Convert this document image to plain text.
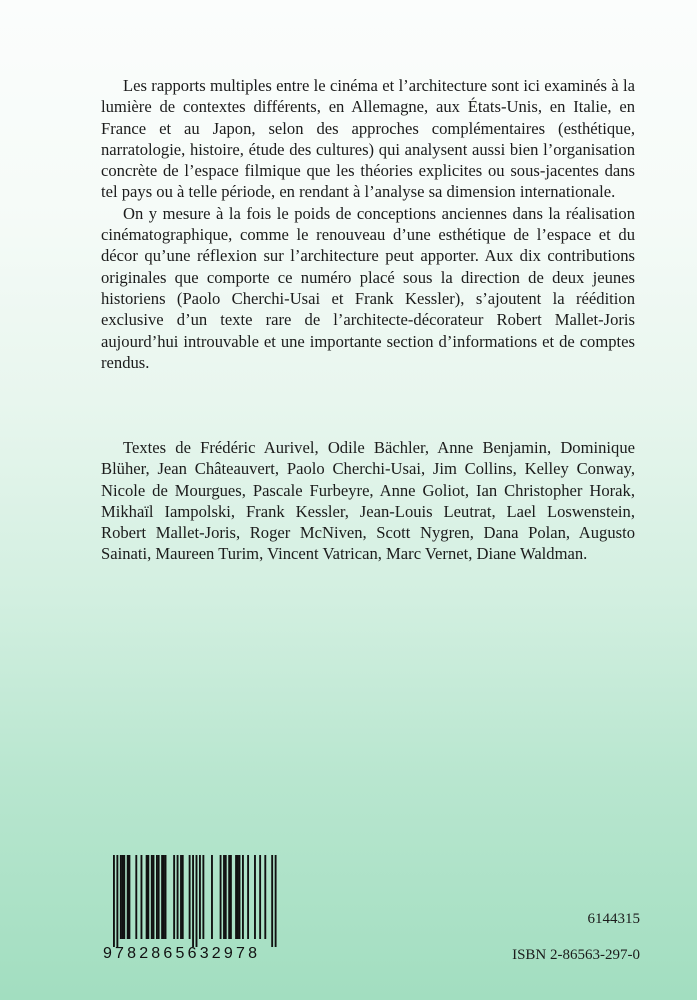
Les rapports multiples entre le cinéma et l’architecture sont ici examinés à la lumière de contextes différents, en Allemagne, aux États-Unis, en Italie, en France et au Japon, selon des approches complémentaires (esthétique, narratologie, histoire, étude des cultures) qui analysent aussi bien l’organisation concrète de l’espace filmique que les théories explicites ou sous-jacentes dans tel pays ou à telle période, en rendant à l’analyse sa dimension internationale.

On y mesure à la fois le poids de conceptions anciennes dans la réalisation cinématographique, comme le renouveau d’une esthétique de l’espace et du décor qu’une réflexion sur l’architecture peut apporter. Aux dix contributions originales que comporte ce numéro placé sous la direction de deux jeunes historiens (Paolo Cherchi-Usai et Frank Kessler), s’ajoutent la réédition exclusive d’un texte rare de l’architecte-décorateur Robert Mallet-Joris aujourd’hui introuvable et une importante section d’informations et de comptes rendus.

Textes de Frédéric Aurivel, Odile Bächler, Anne Benjamin, Dominique Blüher, Jean Châteauvert, Paolo Cherchi-Usai, Jim Collins, Kelley Conway, Nicole de Mourgues, Pascale Furbeyre, Anne Goliot, Ian Christopher Horak, Mikhaïl Iampolski, Frank Kessler, Jean-Louis Leutrat, Lael Loswenstein, Robert Mallet-Joris, Roger McNiven, Scott Nygren, Dana Polan, Augusto Sainati, Maureen Turim, Vincent Vatrican, Marc Vernet, Diane Waldman.

9 782865632978
6144315
ISBN 2-86563-297-0
